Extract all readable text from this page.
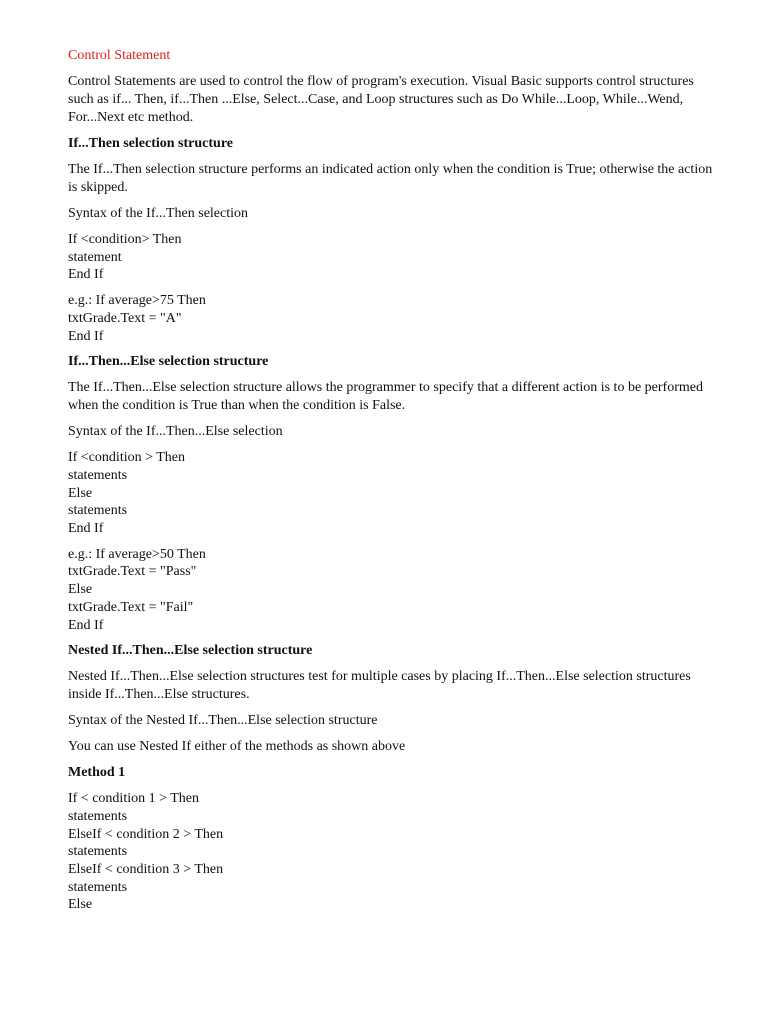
Control Statement

Control Statements are used to control the flow of program's execution. Visual Basic supports control structures such as if... Then, if...Then ...Else, Select...Case, and Loop structures such as Do While...Loop, While...Wend, For...Next etc method.

If...Then selection structure

The If...Then selection structure performs an indicated action only when the condition is True; otherwise the action is skipped.

Syntax of the If...Then selection

If <condition> Then
statement
End If
e.g.: If average>75 Then
txtGrade.Text = "A"
End If
If...Then...Else selection structure

The If...Then...Else selection structure allows the programmer to specify that a different action is to be performed when the condition is True than when the condition is False.

Syntax of the If...Then...Else selection

If <condition > Then
statements
Else
statements
End If
e.g.: If average>50 Then
txtGrade.Text = "Pass"
Else
txtGrade.Text = "Fail"
End If
Nested If...Then...Else selection structure

Nested If...Then...Else selection structures test for multiple cases by placing If...Then...Else selection structures inside If...Then...Else structures.

Syntax of the Nested If...Then...Else selection structure

You can use Nested If either of the methods as shown above

Method 1
If < condition 1 > Then
statements
ElseIf < condition 2 > Then
statements
ElseIf < condition 3 > Then
statements
Else
